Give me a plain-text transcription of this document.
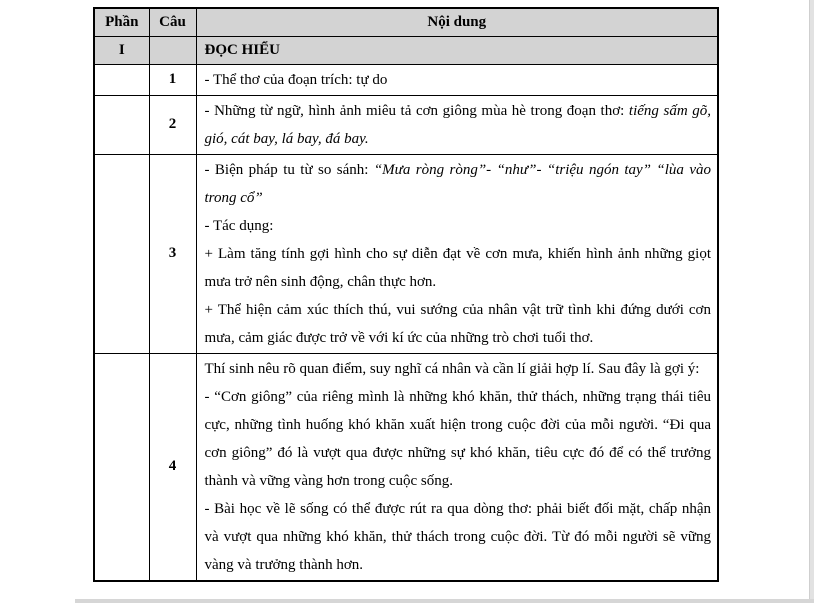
Phần	Câu	Nội dung
I		ĐỌC HIỂU
	1	- Thể thơ của đoạn trích: tự do

	2	- Những từ ngữ, hình ảnh miêu tả cơn giông mùa hè trong đoạn thơ: tiếng sấm gõ, gió, cát bay, lá bay, đá bay.

	3	- Biện pháp tu từ so sánh: “Mưa ròng ròng”- “như”- “triệu ngón tay” “lùa vào trong cổ”

- Tác dụng:

+ Làm tăng tính gợi hình cho sự diễn đạt về cơn mưa, khiến hình ảnh những giọt mưa trở nên sinh động, chân thực hơn.

+ Thể hiện cảm xúc thích thú, vui sướng của nhân vật trữ tình khi đứng dưới cơn mưa, cảm giác được trở về với kí ức của những trò chơi tuổi thơ.

	4	Thí sinh nêu rõ quan điểm, suy nghĩ cá nhân và cần lí giải hợp lí. Sau đây là gợi ý:

- “Cơn giông” của riêng mình là những khó khăn, thử thách, những trạng thái tiêu cực, những tình huống khó khăn xuất hiện trong cuộc đời của mỗi người. “Đi qua cơn giông” đó là vượt qua được những sự khó khăn, tiêu cực đó để có thể trưởng thành và vững vàng hơn trong cuộc sống.

- Bài học về lẽ sống có thể được rút ra qua dòng thơ: phải biết đối mặt, chấp nhận và vượt qua những khó khăn, thử thách trong cuộc đời. Từ đó mỗi người sẽ vững vàng và trưởng thành hơn.
